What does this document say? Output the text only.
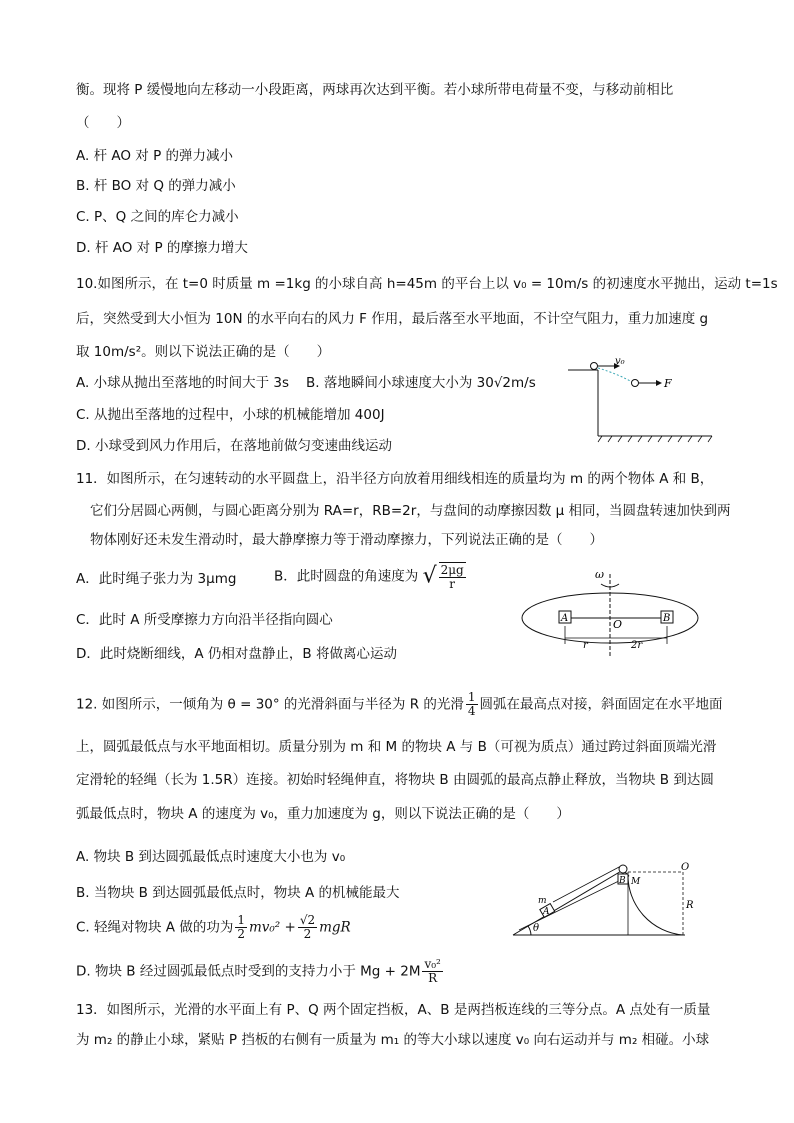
衡。现将 P 缓慢地向左移动一小段距离，两球再次达到平衡。若小球所带电荷量不变，与移动前相比
（　　）
A. 杆 AO 对 P 的弹力减小
B. 杆 BO 对 Q 的弹力减小
C. P、Q 之间的库仑力减小
D. 杆 AO 对 P 的摩擦力增大
10.如图所示，在 t=0 时质量 m =1kg 的小球自高 h=45m 的平台上以 v₀ = 10m/s 的初速度水平抛出，运动 t=1s
后，突然受到大小恒为 10N 的水平向右的风力 F 作用，最后落至水平地面，不计空气阻力，重力加速度 g
取 10m/s²。则以下说法正确的是（　　）
A. 小球从抛出至落地的时间大于 3s B. 落地瞬间小球速度大小为 30√2m/s
C. 从抛出至落地的过程中，小球的机械能增加 400J
D. 小球受到风力作用后，在落地前做匀变速曲线运动
v₀
F
11．如图所示，在匀速转动的水平圆盘上，沿半径方向放着用细线相连的质量均为 m 的两个物体 A 和 B，
它们分居圆心两侧，与圆心距离分别为 RA=r，RB=2r，与盘间的动摩擦因数 μ 相同，当圆盘转速加快到两
物体刚好还未发生滑动时，最大静摩擦力等于滑动摩擦力，下列说法正确的是（　　）
A．此时绳子张力为 3μmg	B．此时圆盘的角速度为 √ $\frac{2\mu g}{r}$
C．此时 A 所受摩擦力方向沿半径指向圆心
D．此时烧断细线，A 仍相对盘静止，B 将做离心运动
ω
A	B
O
r	2r
12. 如图所示，一倾角为 θ = 30° 的光滑斜面与半径为 R 的光滑 $\frac{1}{4}$ 圆弧在最高点对接，斜面固定在水平地面
上，圆弧最低点与水平地面相切。质量分别为 m 和 M 的物块 A 与 B（可视为质点）通过跨过斜面顶端光滑
定滑轮的轻绳（长为 1.5R）连接。初始时轻绳伸直，将物块 B 由圆弧的最高点静止释放，当物块 B 到达圆
弧最低点时，物块 A 的速度为 v₀，重力加速度为 g，则以下说法正确的是（　　）
A. 物块 B 到达圆弧最低点时速度大小也为 v₀
B. 当物块 B 到达圆弧最低点时，物块 A 的机械能最大
C. 轻绳对物块 A 做的功为 $\frac{1}{2} mv_0^2 + \frac{√2}{2}$ mgR
D. 物块 B 经过圆弧最低点时受到的支持力小于 $Mg + 2M \frac{\text{v₀²}}{R}$
θ
A
m
B M
O
R
13．如图所示，光滑的水平面上有 P、Q 两个固定挡板，A、B 是两挡板连线的三等分点。A 点处有一质量
为 m₂ 的静止小球，紧贴 P 挡板的右侧有一质量为 m₁ 的等大小球以速度 v₀ 向右运动并与 m₂ 相碰。小球
